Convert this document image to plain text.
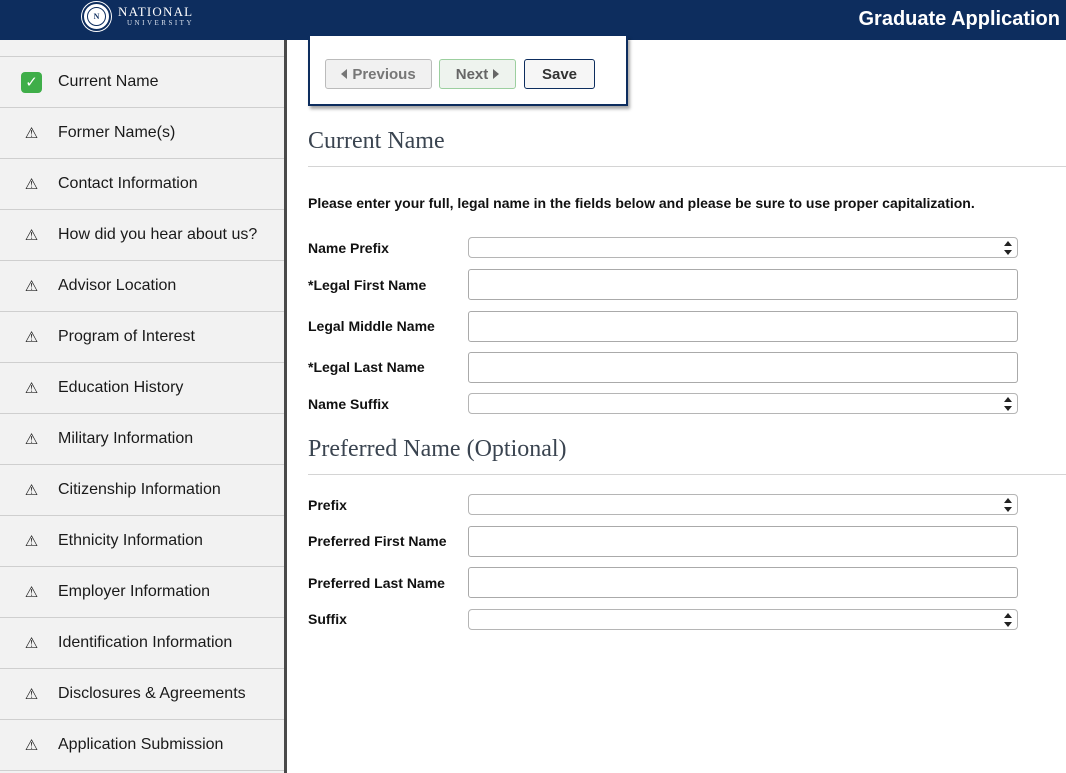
N	NATIONAL
UNIVERSITY	Graduate Application
✓ Current Name
⚠ Former Name(s)
⚠ Contact Information
⚠ How did you hear about us?
⚠ Advisor Location
⚠ Program of Interest
⚠ Education History
⚠ Military Information
⚠ Citizenship Information
⚠ Ethnicity Information
⚠ Employer Information
⚠ Identification Information
⚠ Disclosures & Agreements
⚠ Application Submission
Previous	Next	Save
Current Name
Please enter your full, legal name in the fields below and please be sure to use proper capitalization.
Name Prefix
*Legal First Name
Legal Middle Name
*Legal Last Name
Name Suffix
Preferred Name (Optional)
Prefix
Preferred First Name
Preferred Last Name
Suffix
